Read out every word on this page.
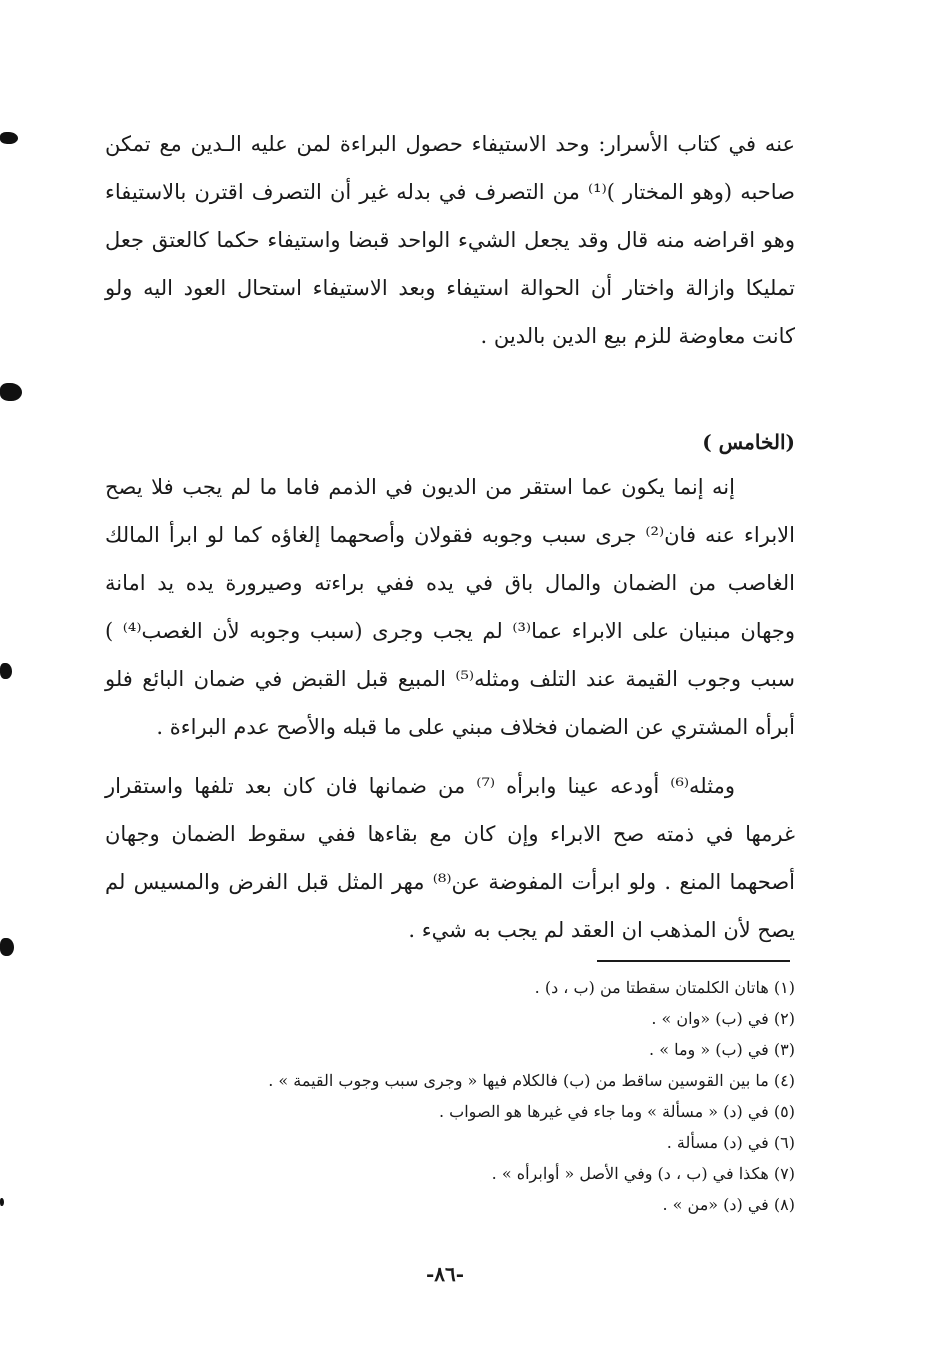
عنه في كتاب الأسرار: وحد الاستيفاء حصول البراءة لمن عليه الـدين مع تمكن صاحبه (وهو المختار )⁽¹⁾ من التصرف في بدله غير أن التصرف اقترن بالاستيفاء وهو اقراضه منه قال وقد يجعل الشيء الواحد قبضا واستيفاء حكما كالعتق جعل تمليكا وازالة واختار أن الحوالة استيفاء وبعد الاستيفاء استحال العود اليه ولو كانت معاوضة للزم بيع الدين بالدين .

(الخامس )

إنه إنما يكون عما استقر من الديون في الذمم فاما ما لم يجب فلا يصح الابراء عنه فان⁽²⁾ جرى سبب وجوبه فقولان وأصحهما إلغاؤه كما لو ابرأ المالك الغاصب من الضمان والمال باق في يده ففي براءته وصيرورة يده يد امانة وجهان مبنيان على الابراء عما⁽³⁾ لم يجب وجرى (سبب وجوبه لأن الغصب⁽⁴⁾ ) سبب وجوب القيمة عند التلف ومثله⁽⁵⁾ المبيع قبل القبض في ضمان البائع فلو أبرأه المشتري عن الضمان فخلاف مبني على ما قبله والأصح عدم البراءة .

ومثله⁽⁶⁾ أودعه عينا وابرأه ⁽⁷⁾ من ضمانها فان كان بعد تلفها واستقرار غرمها في ذمته صح الابراء وإن كان مع بقاءها ففي سقوط الضمان وجهان أصحهما المنع . ولو ابرأت المفوضة عن⁽⁸⁾ مهر المثل قبل الفرض والمسيس لم يصح لأن المذهب ان العقد لم يجب به شيء .

(١) هاتان الكلمتان سقطتا من (ب ، د) .

(٢) في (ب) «وان » .

(٣) في (ب) « وما » .

(٤) ما بين القوسين ساقط من (ب) فالكلام فيها « وجرى سبب وجوب القيمة » .

(٥) في (د) « مسألة » وما جاء في غيرها هو الصواب .

(٦) في (د) مسألة .

(٧) هكذا في (ب ، د) وفي الأصل « أوابرأه » .

(٨) في (د) «من » .

-٨٦-
